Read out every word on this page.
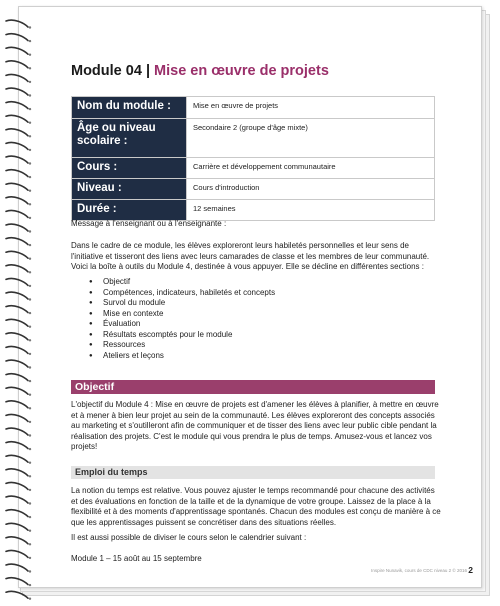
Module 04 | Mise en œuvre de projets
Nom du module :	Mise en œuvre de projets
Âge ou niveau scolaire :	Secondaire 2 (groupe d'âge mixte)
Cours :	Carrière et développement communautaire
Niveau :	Cours d'introduction
Durée :	12 semaines
Message à l'enseignant ou à l'enseignante :
Dans le cadre de ce module, les élèves exploreront leurs habiletés personnelles et leur sens de l'initiative et tisseront des liens avec leurs camarades de classe et les membres de leur communauté. Voici la boîte à outils du Module 4, destinée à vous appuyer. Elle se décline en différentes sections :
● Objectif
● Compétences, indicateurs, habiletés et concepts
● Survol du module
● Mise en contexte
● Évaluation
● Résultats escomptés pour le module
● Ressources
● Ateliers et leçons
Objectif
L'objectif du Module 4 : Mise en œuvre de projets est d'amener les élèves à planifier, à mettre en œuvre et à mener à bien leur projet au sein de la communauté. Les élèves exploreront des concepts associés au marketing et s'outilleront afin de communiquer et de tisser des liens avec leur public cible pendant la réalisation des projets. C'est le module qui vous prendra le plus de temps. Amusez-vous et lancez vos projets!
Emploi du temps
La notion du temps est relative. Vous pouvez ajuster le temps recommandé pour chacune des activités et des évaluations en fonction de la taille et de la dynamique de votre groupe. Laissez de la place à la flexibilité et à des moments d'apprentissage spontanés. Chacun des modules est conçu de manière à ce que les apprentissages puissent se concrétiser dans des situations réelles.
Il est aussi possible de diviser le cours selon le calendrier suivant :
Module 1 – 15 août au 15 septembre
Inspire Nunavik, cours de CDC niveau 2 © 2016 2
